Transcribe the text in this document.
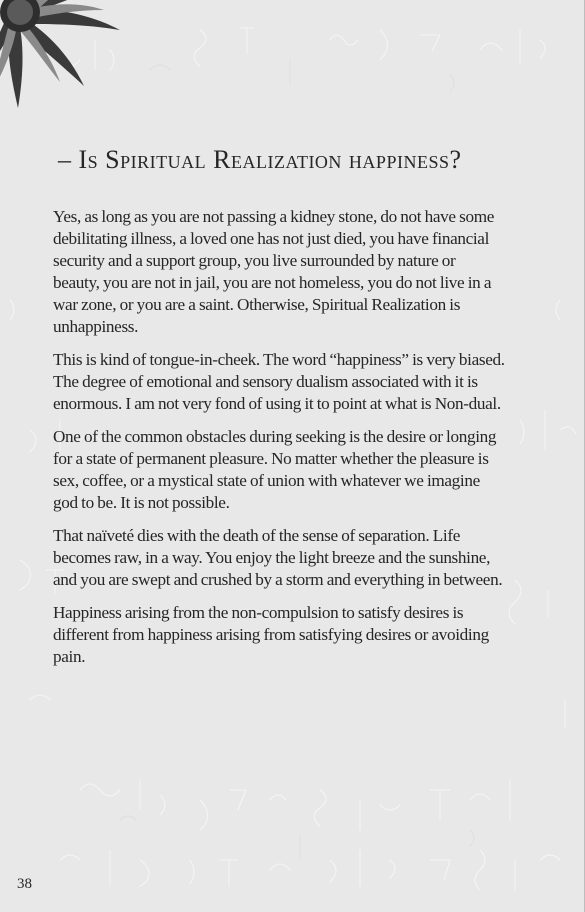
– Is Spiritual Realization happiness?

Yes, as long as you are not passing a kidney stone, do not have some debilitating illness, a loved one has not just died, you have financial security and a support group, you live surrounded by nature or beauty, you are not in jail, you are not homeless, you do not live in a war zone, or you are a saint. Otherwise, Spiritual Realization is unhappiness.

This is kind of tongue-in-cheek. The word “happiness” is very biased. The degree of emotional and sensory dualism associated with it is enormous. I am not very fond of using it to point at what is Non-dual.

One of the common obstacles during seeking is the desire or longing for a state of permanent pleasure. No matter whether the pleasure is sex, coffee, or a mystical state of union with whatever we imagine god to be. It is not possible.

That naïveté dies with the death of the sense of separation. Life becomes raw, in a way. You enjoy the light breeze and the sunshine, and you are swept and crushed by a storm and everything in between.

Happiness arising from the non-compulsion to satisfy desires is different from happiness arising from satisfying desires or avoiding pain.

38
